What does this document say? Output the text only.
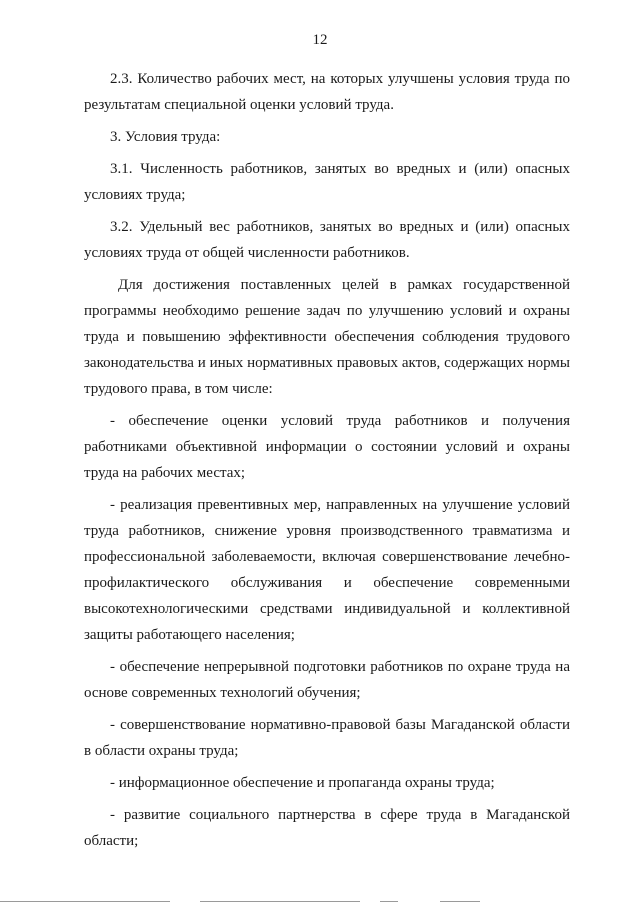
12

2.3. Количество рабочих мест, на которых улучшены условия труда по результатам специальной оценки условий труда.

3. Условия труда:

3.1. Численность работников, занятых во вредных и (или) опасных условиях труда;

3.2. Удельный вес работников, занятых во вредных и (или) опасных условиях труда от общей численности работников.

Для достижения поставленных целей в рамках государственной программы необходимо решение задач по улучшению условий и охраны труда и повышению эффективности обеспечения соблюдения трудового законодательства и иных нормативных правовых актов, содержащих нормы трудового права, в том числе:

- обеспечение оценки условий труда работников и получения работниками объективной информации о состоянии условий и охраны труда на рабочих местах;

- реализация превентивных мер, направленных на улучшение условий труда работников, снижение уровня производственного травматизма и профессиональной заболеваемости, включая совершенствование лечебно-профилактического обслуживания и обеспечение современными высокотехнологическими средствами индивидуальной и коллективной защиты работающего населения;

- обеспечение непрерывной подготовки работников по охране труда на основе современных технологий обучения;

- совершенствование нормативно-правовой базы Магаданской области в области охраны труда;

- информационное обеспечение и пропаганда охраны труда;

- развитие социального партнерства в сфере труда в Магаданской области;
